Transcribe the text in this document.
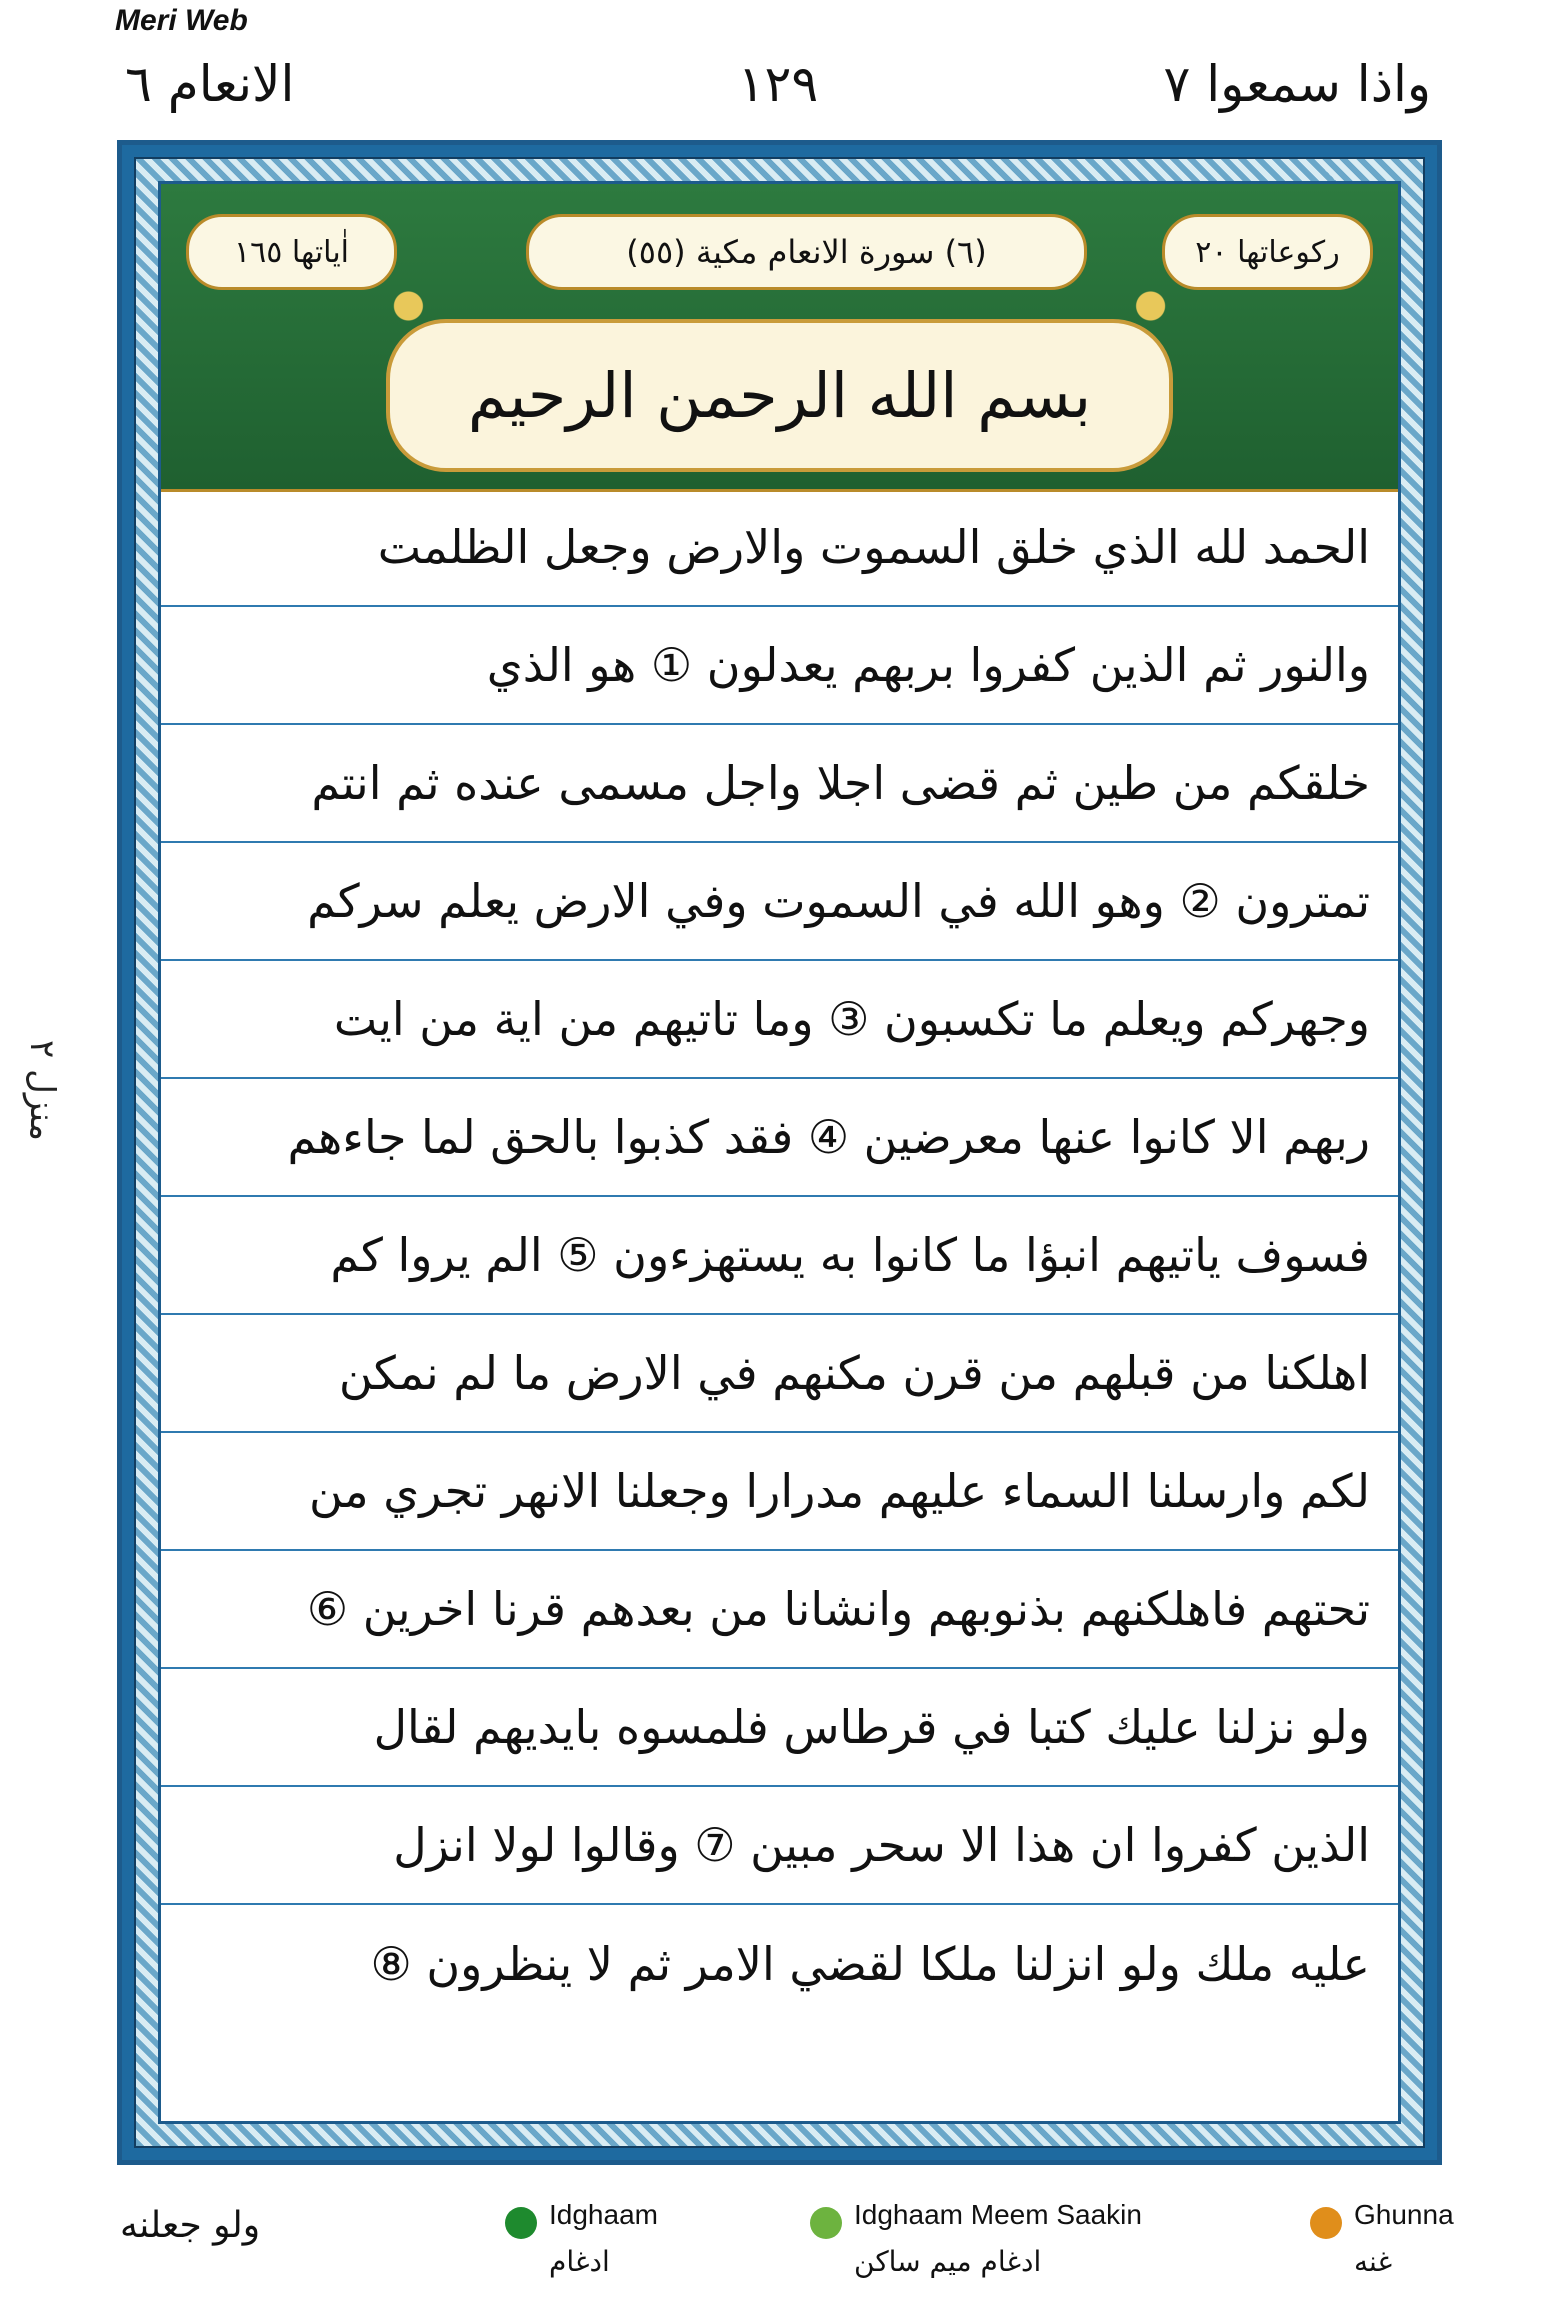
Meri Web
الانعام ٦	١٢٩	واذا سمعوا ٧
منزل ٢
اٰیاتها ١٦٥	(٦) سورة الانعام مكية (٥٥)	رکوعاتها ٢٠
بسم الله الرحمن الرحيم
الحمد لله الذي خلق السموت والارض وجعل الظلمت
والنور ثم الذين كفروا بربهم يعدلون ① هو الذي
خلقكم من طين ثم قضى اجلا واجل مسمى عنده ثم انتم
تمترون ② وهو الله في السموت وفي الارض يعلم سركم
وجهركم ويعلم ما تكسبون ③ وما تاتيهم من اية من ايت
ربهم الا كانوا عنها معرضين ④ فقد كذبوا بالحق لما جاءهم
فسوف ياتيهم انبؤا ما كانوا به يستهزءون ⑤ الم يروا كم
اهلكنا من قبلهم من قرن مكنهم في الارض ما لم نمكن
لكم وارسلنا السماء عليهم مدرارا وجعلنا الانهر تجري من
تحتهم فاهلكنهم بذنوبهم وانشانا من بعدهم قرنا اخرين ⑥
ولو نزلنا عليك كتبا في قرطاس فلمسوه بايديهم لقال
الذين كفروا ان هذا الا سحر مبين ⑦ وقالوا لولا انزل
عليه ملك ولو انزلنا ملكا لقضي الامر ثم لا ينظرون ⑧
ولو جعلنه	Idghaam
ادغام
Idghaam Meem Saakin
ادغام میم ساکن
Ghunna
غنه
